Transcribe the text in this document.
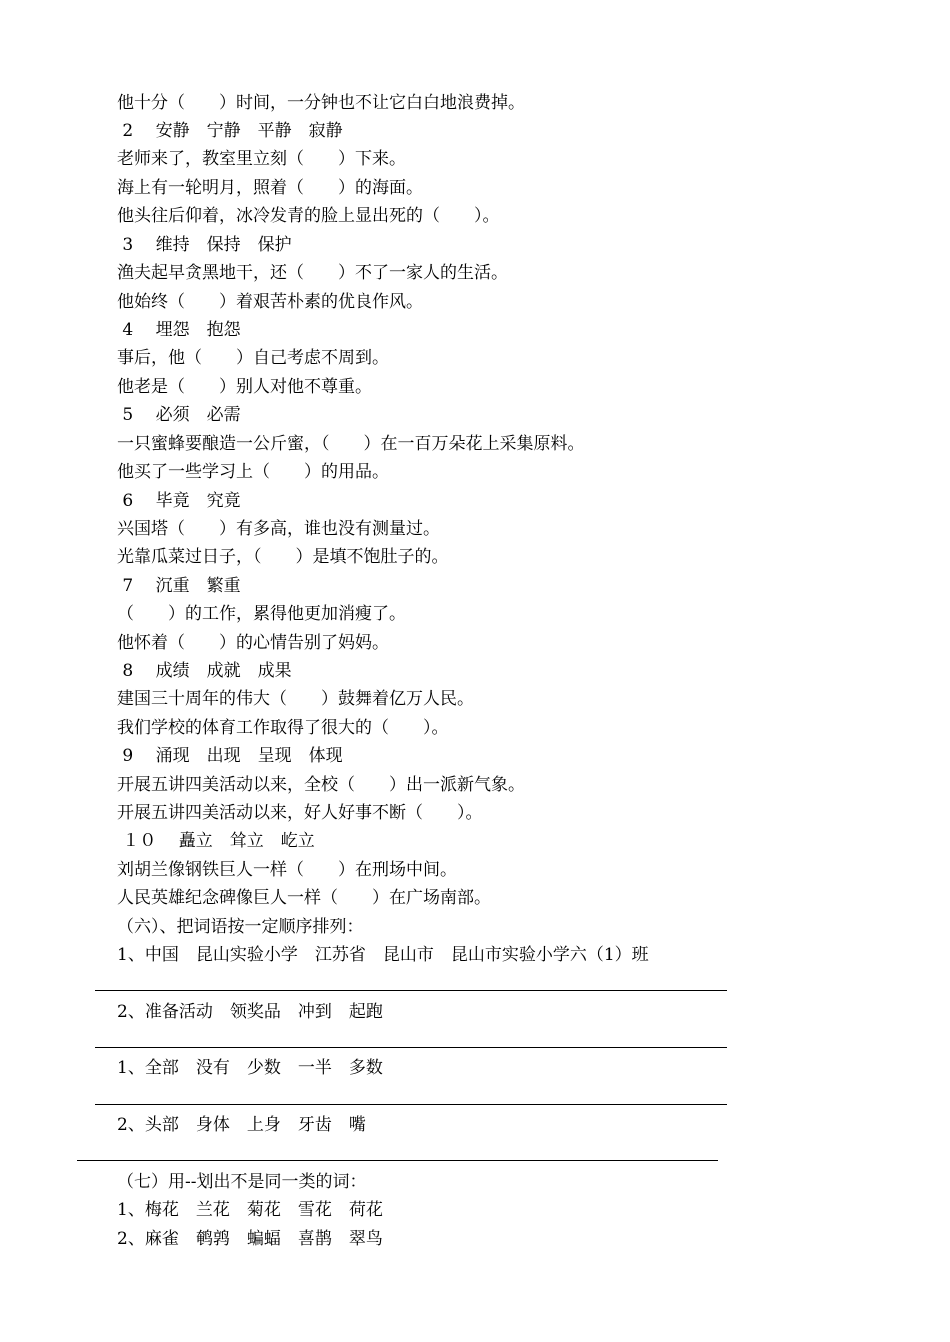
他十分（　　）时间，一分钟也不让它白白地浪费掉。
2　 安静　宁静　平静　寂静
老师来了，教室里立刻（　　）下来。
海上有一轮明月，照着（　　）的海面。
他头往后仰着，冰冷发青的脸上显出死的（　　）。
3　 维持　保持　保护
渔夫起早贪黑地干，还（　　）不了一家人的生活。
他始终（　　）着艰苦朴素的优良作风。
4　 埋怨　抱怨
事后，他（　　）自己考虑不周到。
他老是（　　）别人对他不尊重。
5　 必须　必需
一只蜜蜂要酿造一公斤蜜，（　　）在一百万朵花上采集原料。
他买了一些学习上（　　）的用品。
6　 毕竟　究竟
兴国塔（　　）有多高，谁也没有测量过。
光靠瓜菜过日子，（　　）是填不饱肚子的。
7　 沉重　繁重
（　　）的工作，累得他更加消瘦了。
他怀着（　　）的心情告别了妈妈。
8　 成绩　成就　成果
建国三十周年的伟大（　　）鼓舞着亿万人民。
我们学校的体育工作取得了很大的（　　）。
9　 涌现　出现　呈现　体现
开展五讲四美活动以来，全校（　　）出一派新气象。
开展五讲四美活动以来，好人好事不断（　　）。
１０　 矗立　耸立　屹立
刘胡兰像钢铁巨人一样（　　）在刑场中间。
人民英雄纪念碑像巨人一样（　　）在广场南部。
（六）、把词语按一定顺序排列：
1、中国　昆山实验小学　江苏省　昆山市　昆山市实验小学六（1）班
2、准备活动　领奖品　冲到　起跑
1、全部　没有　少数　一半　多数
2、头部　身体　上身　牙齿　嘴
（七）用--划出不是同一类的词：
1、梅花　兰花　菊花　雪花　荷花
2、麻雀　鹌鹑　蝙蝠　喜鹊　翠鸟
